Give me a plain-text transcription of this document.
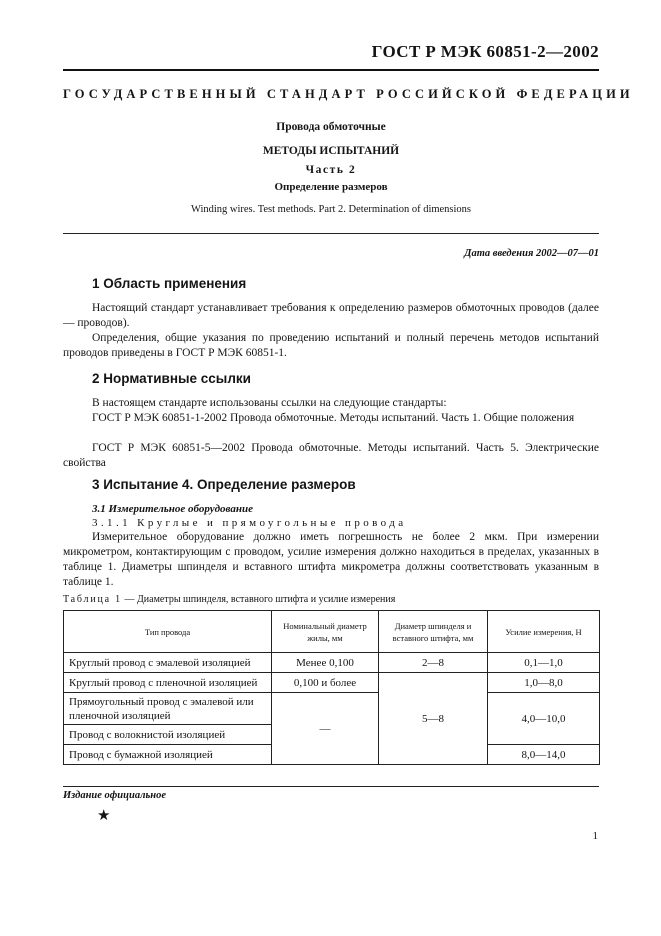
ГОСТ Р МЭК 60851-2—2002
ГОСУДАРСТВЕННЫЙ СТАНДАРТ РОССИЙСКОЙ ФЕДЕРАЦИИ
Провода обмоточные
МЕТОДЫ ИСПЫТАНИЙ
Часть 2
Определение размеров
Winding wires. Test methods. Part 2. Determination of dimensions
Дата введения 2002—07—01
1 Область применения
Настоящий стандарт устанавливает требования к определению размеров обмоточных проводов (далее — проводов).
Определения, общие указания по проведению испытаний и полный перечень методов испытаний проводов приведены в ГОСТ Р МЭК 60851-1.
2 Нормативные ссылки
В настоящем стандарте использованы ссылки на следующие стандарты:
ГОСТ Р МЭК 60851-1-2002 Провода обмоточные. Методы испытаний. Часть 1. Общие положения
ГОСТ Р МЭК 60851-5—2002 Провода обмоточные. Методы испытаний. Часть 5. Электрические свойства
3 Испытание 4. Определение размеров
3.1 Измерительное оборудование
3.1.1 Круглые и прямоугольные провода
Измерительное оборудование должно иметь погрешность не более 2 мкм. При измерении микрометром, контактирующим с проводом, усилие измерения должно находиться в пределах, указанных в таблице 1. Диаметры шпинделя и вставного штифта микрометра должны соответствовать указанным в таблице 1.
Таблица 1 — Диаметры шпинделя, вставного штифта и усилие измерения
Тип провода	Номинальный диаметр жилы, мм	Диаметр шпинделя и вставного штифта, мм	Усилие измерения, Н
Круглый провод с эмалевой изоляцией	Менее 0,100	2—8	0,1—1,0
Круглый провод с пленочной изоляцией	0,100 и более	5—8	1,0—8,0
Прямоугольный провод с эмалевой или пленочной изоляцией	—		4,0—10,0
Провод с волокнистой изоляцией			
Провод с бумажной изоляцией			8,0—14,0
Издание официальное
★
1
